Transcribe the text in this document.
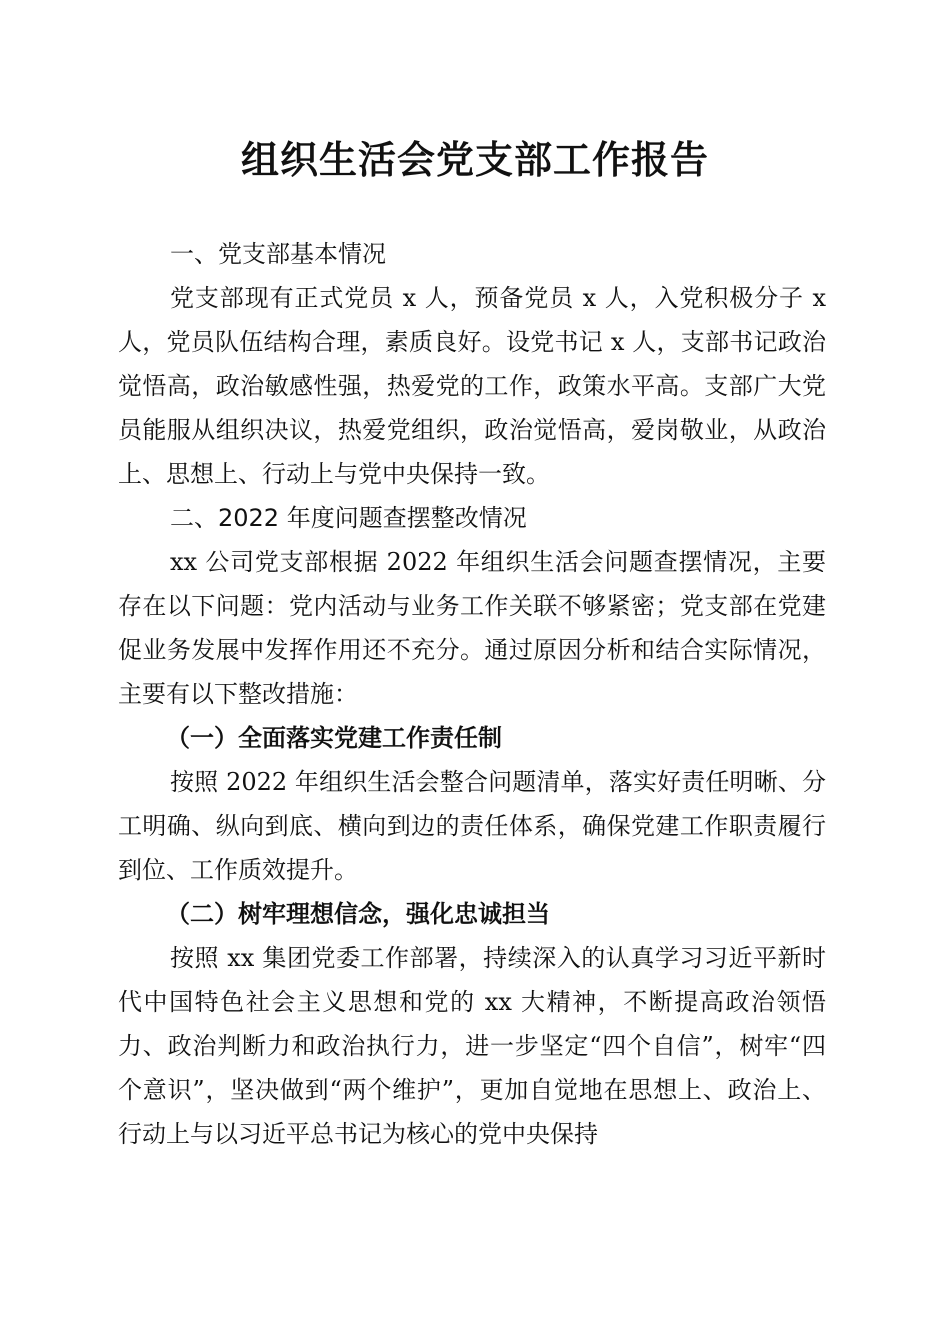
组织生活会党支部工作报告
一、党支部基本情况

党支部现有正式党员 x 人，预备党员 x 人，入党积极分子 x 人，党员队伍结构合理，素质良好。设党书记 x 人，支部书记政治觉悟高，政治敏感性强，热爱党的工作，政策水平高。支部广大党员能服从组织决议，热爱党组织，政治觉悟高，爱岗敬业，从政治上、思想上、行动上与党中央保持一致。

二、2022 年度问题查摆整改情况

xx 公司党支部根据 2022 年组织生活会问题查摆情况，主要存在以下问题：党内活动与业务工作关联不够紧密；党支部在党建促业务发展中发挥作用还不充分。通过原因分析和结合实际情况，主要有以下整改措施：

（一）全面落实党建工作责任制

按照 2022 年组织生活会整合问题清单，落实好责任明晰、分工明确、纵向到底、横向到边的责任体系，确保党建工作职责履行到位、工作质效提升。

（二）树牢理想信念，强化忠诚担当

按照 xx 集团党委工作部署，持续深入的认真学习习近平新时代中国特色社会主义思想和党的 xx 大精神，不断提高政治领悟力、政治判断力和政治执行力，进一步坚定“四个自信”，树牢“四个意识”，坚决做到“两个维护”，更加自觉地在思想上、政治上、行动上与以习近平总书记为核心的党中央保持
